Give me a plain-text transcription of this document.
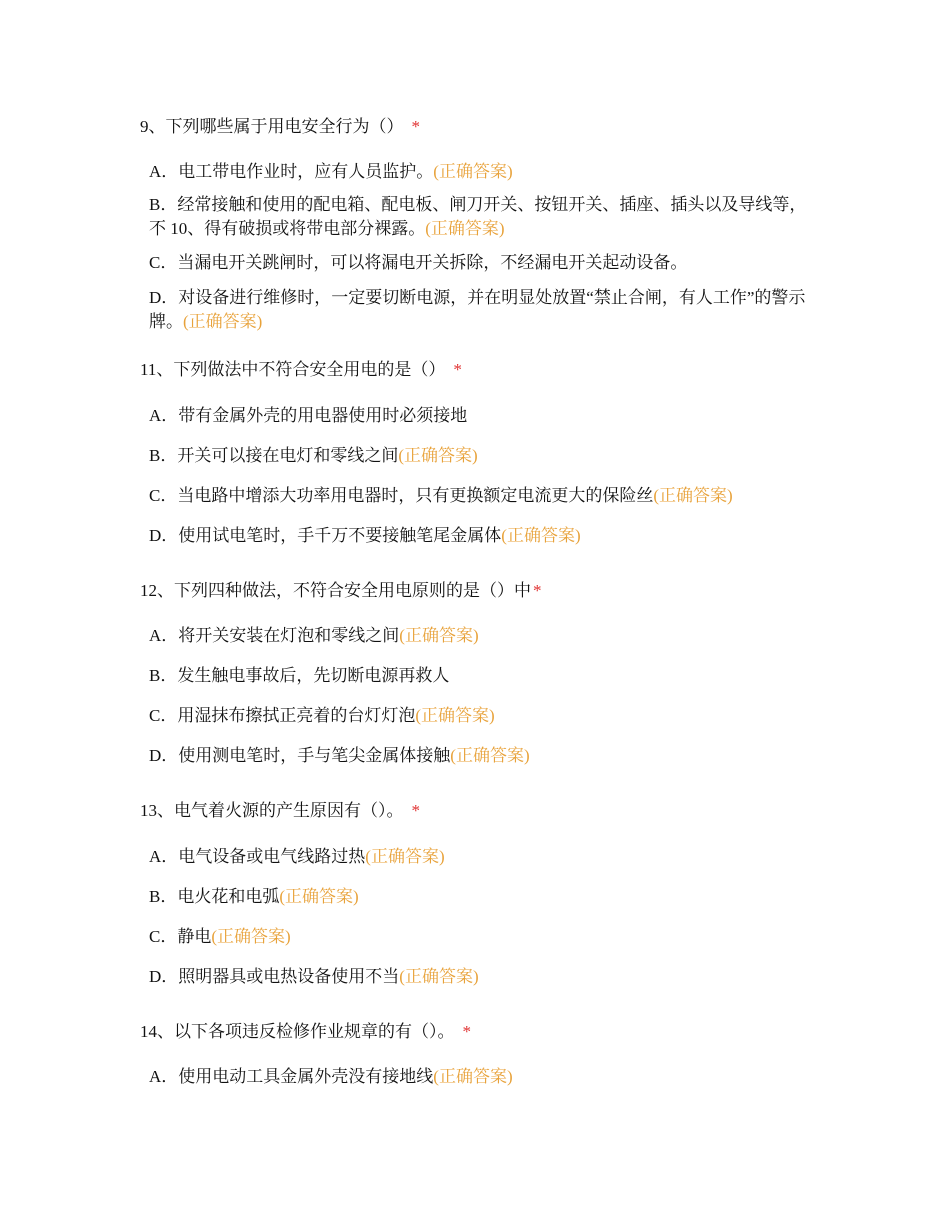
9、下列哪些属于用电安全行为（） *
A．电工带电作业时，应有人员监护。(正确答案)
B．经常接触和使用的配电箱、配电板、闸刀开关、按钮开关、插座、插头以及导线等，不 10、得有破损或将带电部分裸露。(正确答案)
C．当漏电开关跳闸时，可以将漏电开关拆除，不经漏电开关起动设备。
D．对设备进行维修时，一定要切断电源，并在明显处放置“禁止合闸，有人工作”的警示牌。(正确答案)
11、下列做法中不符合安全用电的是（） *
A．带有金属外壳的用电器使用时必须接地
B．开关可以接在电灯和零线之间(正确答案)
C．当电路中增添大功率用电器时，只有更换额定电流更大的保险丝(正确答案)
D．使用试电笔时，手千万不要接触笔尾金属体(正确答案)
12、下列四种做法，不符合安全用电原则的是（）中 *
A．将开关安装在灯泡和零线之间(正确答案)
B．发生触电事故后，先切断电源再救人
C．用湿抹布擦拭正亮着的台灯灯泡(正确答案)
D．使用测电笔时，手与笔尖金属体接触(正确答案)
13、电气着火源的产生原因有（）。 *
A．电气设备或电气线路过热(正确答案)
B．电火花和电弧(正确答案)
C．静电(正确答案)
D．照明器具或电热设备使用不当(正确答案)
14、以下各项违反检修作业规章的有（）。 *
A．使用电动工具金属外壳没有接地线(正确答案)
